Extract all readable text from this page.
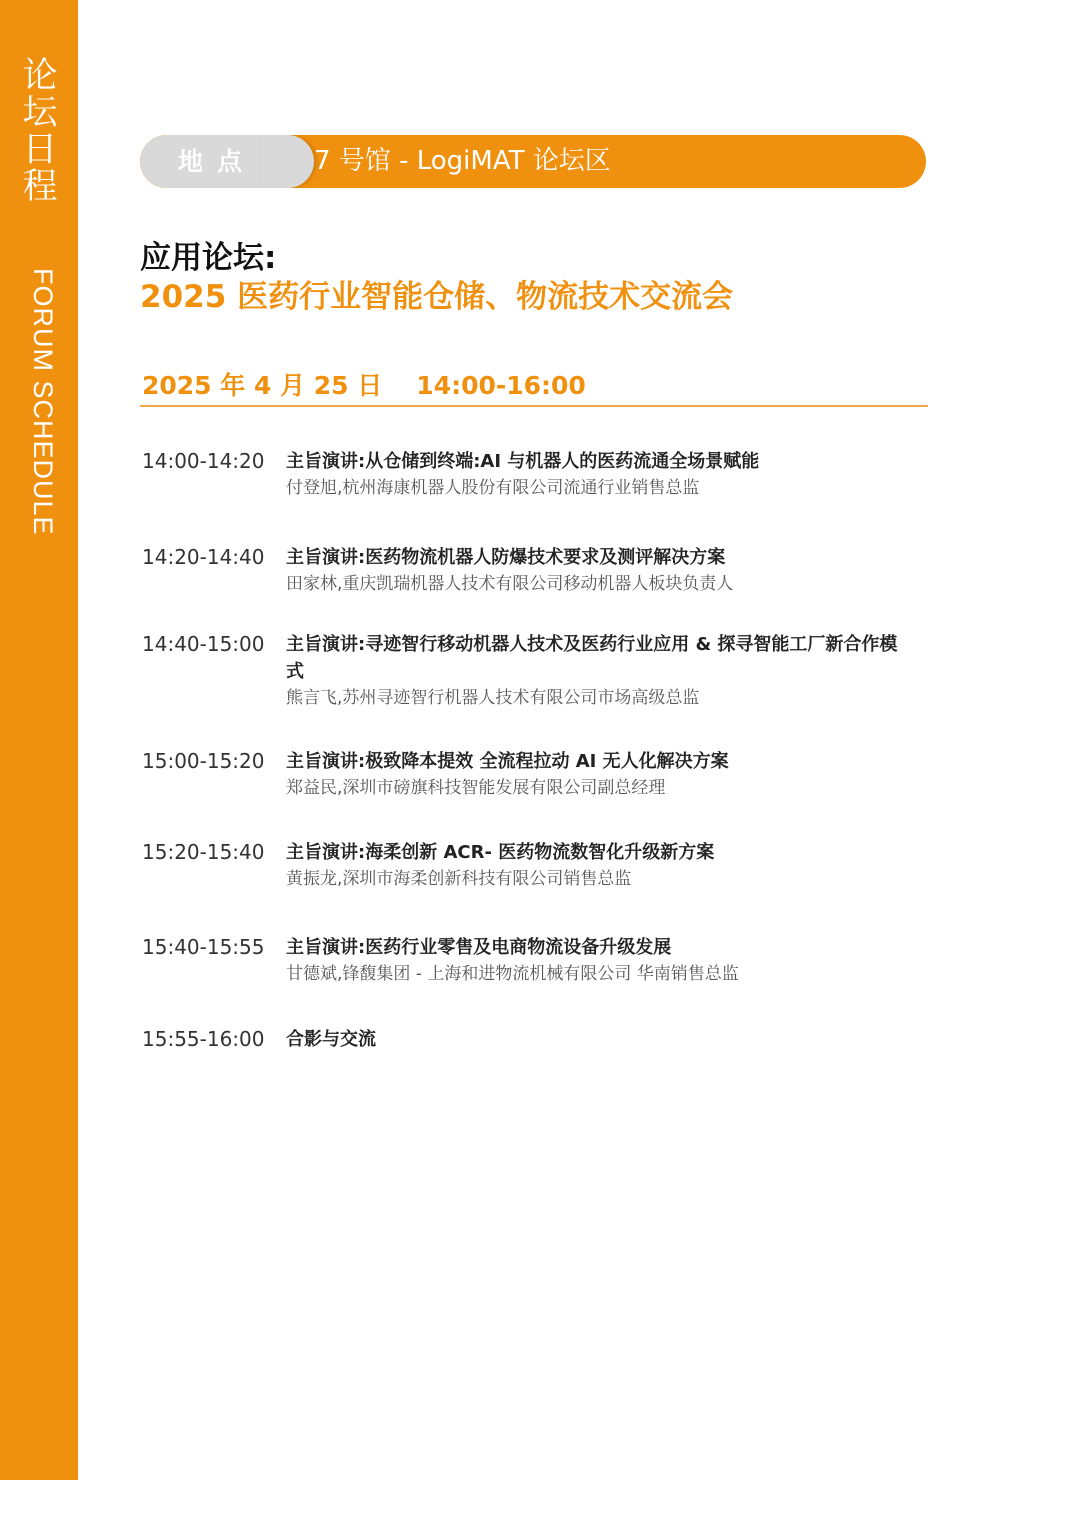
论坛日程
FORUM SCHEDULE
地点 7 号馆 - LogiMAT 论坛区
应用论坛:
2025 医药行业智能仓储、物流技术交流会
2025 年 4 月 25 日 14:00-16:00
14:00-14:20 主旨演讲:从仓储到终端:AI 与机器人的医药流通全场景赋能
付登旭,杭州海康机器人股份有限公司流通行业销售总监
14:20-14:40 主旨演讲:医药物流机器人防爆技术要求及测评解决方案
田家林,重庆凯瑞机器人技术有限公司移动机器人板块负责人
14:40-15:00 主旨演讲:寻迹智行移动机器人技术及医药行业应用 & 探寻智能工厂新合作模式
熊言飞,苏州寻迹智行机器人技术有限公司市场高级总监
15:00-15:20 主旨演讲:极致降本提效 全流程拉动 AI 无人化解决方案
郑益民,深圳市磅旗科技智能发展有限公司副总经理
15:20-15:40 主旨演讲:海柔创新 ACR- 医药物流数智化升级新方案
黄振龙,深圳市海柔创新科技有限公司销售总监
15:40-15:55 主旨演讲:医药行业零售及电商物流设备升级发展
甘德斌,锋馥集团 - 上海和进物流机械有限公司 华南销售总监
15:55-16:00 合影与交流
